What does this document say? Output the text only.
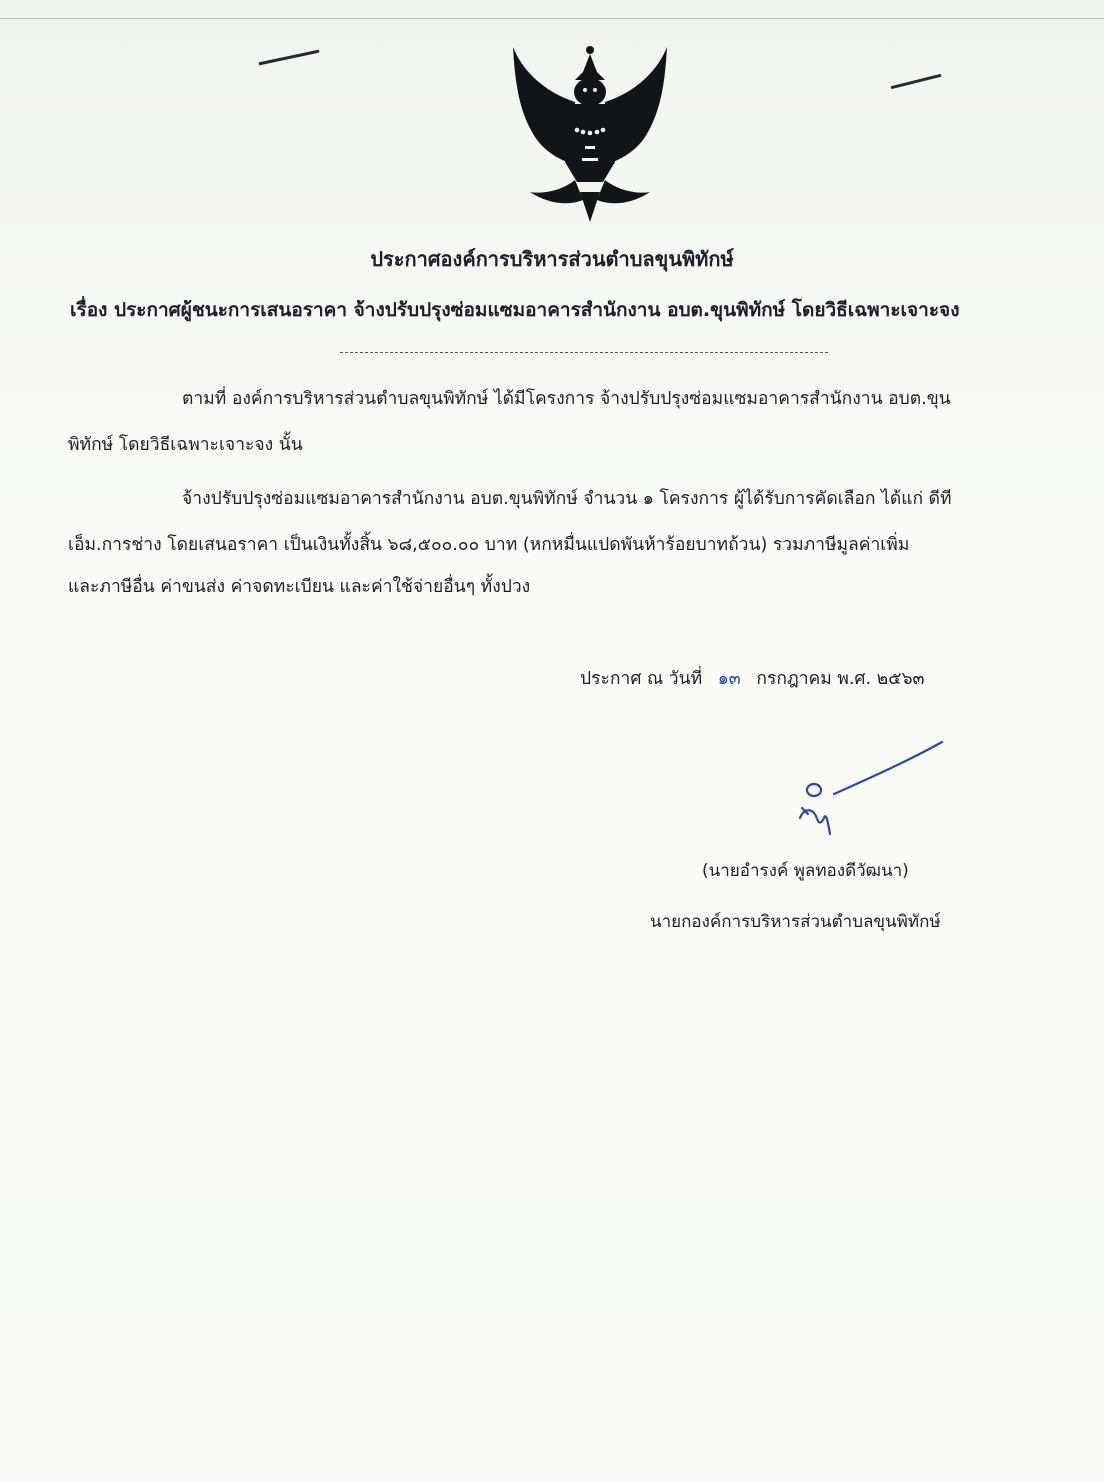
ประกาศองค์การบริหารส่วนตำบลขุนพิทักษ์
เรื่อง ประกาศผู้ชนะการเสนอราคา จ้างปรับปรุงซ่อมแซมอาคารสำนักงาน อบต.ขุนพิทักษ์ โดยวิธีเฉพาะเจาะจง
ตามที่ องค์การบริหารส่วนตำบลขุนพิทักษ์ ได้มีโครงการ จ้างปรับปรุงซ่อมแซมอาคารสำนักงาน อบต.ขุน
พิทักษ์ โดยวิธีเฉพาะเจาะจง นั้น
จ้างปรับปรุงซ่อมแซมอาคารสำนักงาน อบต.ขุนพิทักษ์ จำนวน ๑ โครงการ ผู้ได้รับการคัดเลือก ได้แก่ ดีที
เอ็ม.การช่าง โดยเสนอราคา เป็นเงินทั้งสิ้น ๖๘,๕๐๐.๐๐ บาท (หกหมื่นแปดพันห้าร้อยบาทถ้วน) รวมภาษีมูลค่าเพิ่ม
และภาษีอื่น ค่าขนส่ง ค่าจดทะเบียน และค่าใช้จ่ายอื่นๆ ทั้งปวง
ประกาศ ณ วันที่ ๑๓ กรกฎาคม พ.ศ. ๒๕๖๓
(นายอำรงค์ พูลทองดีวัฒนา)
นายกองค์การบริหารส่วนตำบลขุนพิทักษ์
